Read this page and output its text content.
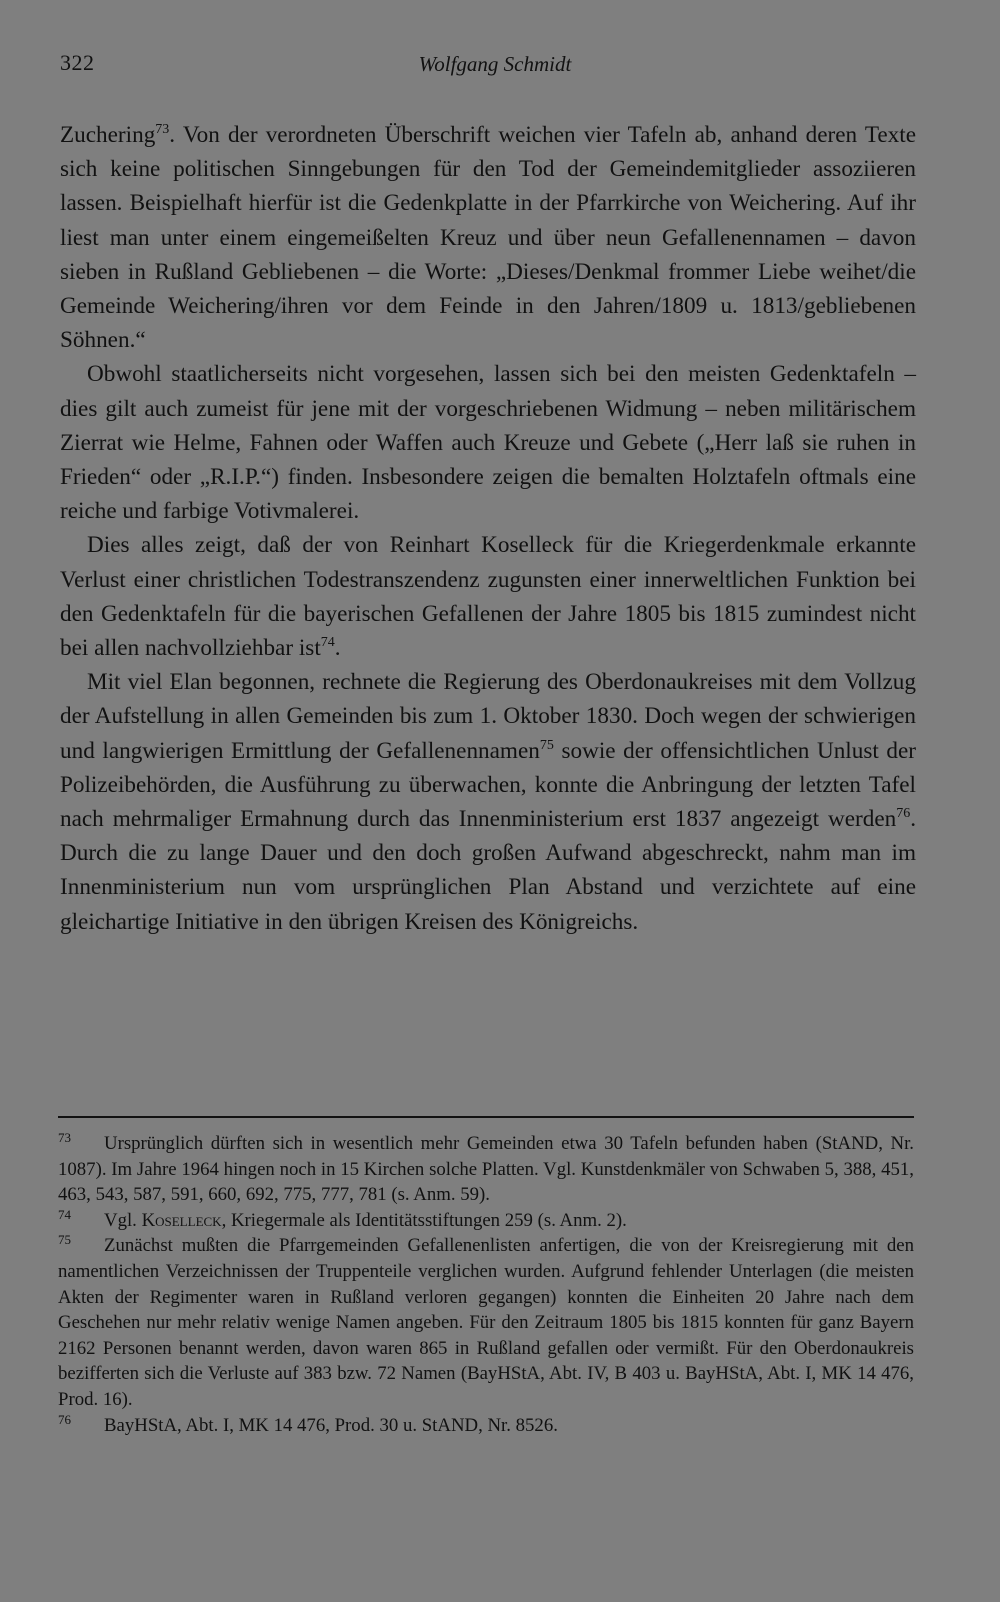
322	Wolfgang Schmidt

Zuchering$^{73}$. Von der verordneten Überschrift weichen vier Tafeln ab, anhand deren Texte sich keine politischen Sinngebungen für den Tod der Gemeindemitglieder assoziieren lassen. Beispielhaft hierfür ist die Gedenkplatte in der Pfarrkirche von Weichering. Auf ihr liest man unter einem eingemeißelten Kreuz und über neun Gefallenennamen – davon sieben in Rußland Gebliebenen – die Worte: „Dieses/Denkmal frommer Liebe weihet/die Gemeinde Weichering/ihren vor dem Feinde in den Jahren/1809 u. 1813/gebliebenen Söhnen.“

Obwohl staatlicherseits nicht vorgesehen, lassen sich bei den meisten Gedenktafeln – dies gilt auch zumeist für jene mit der vorgeschriebenen Widmung – neben militärischem Zierrat wie Helme, Fahnen oder Waffen auch Kreuze und Gebete („Herr laß sie ruhen in Frieden“ oder „R.I.P.“) finden. Insbesondere zeigen die bemalten Holztafeln oftmals eine reiche und farbige Votivmalerei.

Dies alles zeigt, daß der von Reinhart Koselleck für die Kriegerdenkmale erkannte Verlust einer christlichen Todestranszendenz zugunsten einer innerweltlichen Funktion bei den Gedenktafeln für die bayerischen Gefallenen der Jahre 1805 bis 1815 zumindest nicht bei allen nachvollziehbar ist$^{74}$.

Mit viel Elan begonnen, rechnete die Regierung des Oberdonaukreises mit dem Vollzug der Aufstellung in allen Gemeinden bis zum 1. Oktober 1830. Doch wegen der schwierigen und langwierigen Ermittlung der Gefallenennamen$^{75}$ sowie der offensichtlichen Unlust der Polizeibehörden, die Ausführung zu überwachen, konnte die Anbringung der letzten Tafel nach mehrmaliger Ermahnung durch das Innenministerium erst 1837 angezeigt werden$^{76}$. Durch die zu lange Dauer und den doch großen Aufwand abgeschreckt, nahm man im Innenministerium nun vom ursprünglichen Plan Abstand und verzichtete auf eine gleichartige Initiative in den übrigen Kreisen des Königreichs.

$^{73}$ Ursprünglich dürften sich in wesentlich mehr Gemeinden etwa 30 Tafeln befunden haben (StAND, Nr. 1087). Im Jahre 1964 hingen noch in 15 Kirchen solche Platten. Vgl. Kunstdenkmäler von Schwaben 5, 388, 451, 463, 543, 587, 591, 660, 692, 775, 777, 781 (s. Anm. 59).

$^{74}$ Vgl. Koselleck, Kriegermale als Identitätsstiftungen 259 (s. Anm. 2).

$^{75}$ Zunächst mußten die Pfarrgemeinden Gefallenenlisten anfertigen, die von der Kreisregierung mit den namentlichen Verzeichnissen der Truppenteile verglichen wurden. Aufgrund fehlender Unterlagen (die meisten Akten der Regimenter waren in Rußland verloren gegangen) konnten die Einheiten 20 Jahre nach dem Geschehen nur mehr relativ wenige Namen angeben. Für den Zeitraum 1805 bis 1815 konnten für ganz Bayern 2162 Personen benannt werden, davon waren 865 in Rußland gefallen oder vermißt. Für den Oberdonaukreis bezifferten sich die Verluste auf 383 bzw. 72 Namen (BayHStA, Abt. IV, B 403 u. BayHStA, Abt. I, MK 14 476, Prod. 16).

$^{76}$ BayHStA, Abt. I, MK 14 476, Prod. 30 u. StAND, Nr. 8526.
